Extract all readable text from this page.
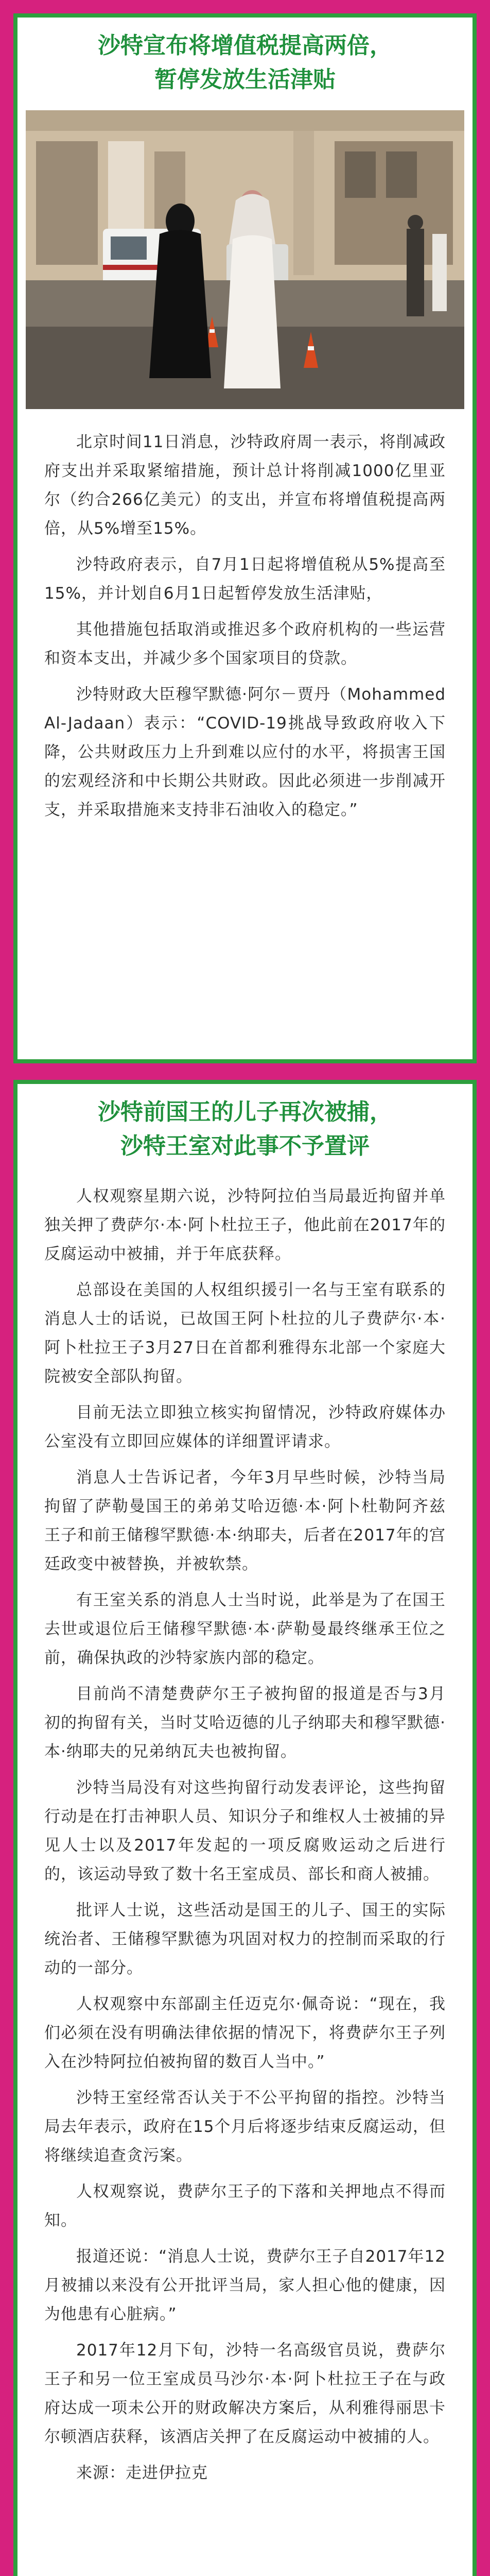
沙特宣布将增值税提高两倍，
暂停发放生活津贴

北京时间11日消息，沙特政府周一表示，将削减政府支出并采取紧缩措施，预计总计将削减1000亿里亚尔（约合266亿美元）的支出，并宣布将增值税提高两倍，从5%增至15%。

沙特政府表示，自7月1日起将增值税从5%提高至15%，并计划自6月1日起暂停发放生活津贴，

其他措施包括取消或推迟多个政府机构的一些运营和资本支出，并减少多个国家项目的贷款。

沙特财政大臣穆罕默德·阿尔－贾丹（Mohammed Al-Jadaan）表示：“COVID-19挑战导致政府收入下降，公共财政压力上升到难以应付的水平，将损害王国的宏观经济和中长期公共财政。因此必须进一步削减开支，并采取措施来支持非石油收入的稳定。”

沙特前国王的儿子再次被捕，
沙特王室对此事不予置评

人权观察星期六说，沙特阿拉伯当局最近拘留并单独关押了费萨尔·本·阿卜杜拉王子，他此前在2017年的反腐运动中被捕，并于年底获释。

总部设在美国的人权组织援引一名与王室有联系的消息人士的话说，已故国王阿卜杜拉的儿子费萨尔·本·阿卜杜拉王子3月27日在首都利雅得东北部一个家庭大院被安全部队拘留。

目前无法立即独立核实拘留情况，沙特政府媒体办公室没有立即回应媒体的详细置评请求。

消息人士告诉记者，今年3月早些时候，沙特当局拘留了萨勒曼国王的弟弟艾哈迈德·本·阿卜杜勒阿齐兹王子和前王储穆罕默德·本·纳耶夫，后者在2017年的宫廷政变中被替换，并被软禁。

有王室关系的消息人士当时说，此举是为了在国王去世或退位后王储穆罕默德·本·萨勒曼最终继承王位之前，确保执政的沙特家族内部的稳定。

目前尚不清楚费萨尔王子被拘留的报道是否与3月初的拘留有关，当时艾哈迈德的儿子纳耶夫和穆罕默德·本·纳耶夫的兄弟纳瓦夫也被拘留。

沙特当局没有对这些拘留行动发表评论，这些拘留行动是在打击神职人员、知识分子和维权人士被捕的异见人士以及2017年发起的一项反腐败运动之后进行的，该运动导致了数十名王室成员、部长和商人被捕。

批评人士说，这些活动是国王的儿子、国王的实际统治者、王储穆罕默德为巩固对权力的控制而采取的行动的一部分。

人权观察中东部副主任迈克尔·佩奇说：“现在，我们必须在没有明确法律依据的情况下，将费萨尔王子列入在沙特阿拉伯被拘留的数百人当中。”

沙特王室经常否认关于不公平拘留的指控。沙特当局去年表示，政府在15个月后将逐步结束反腐运动，但将继续追查贪污案。

人权观察说，费萨尔王子的下落和关押地点不得而知。

报道还说：“消息人士说，费萨尔王子自2017年12月被捕以来没有公开批评当局，家人担心他的健康，因为他患有心脏病。”

2017年12月下旬，沙特一名高级官员说，费萨尔王子和另一位王室成员马沙尔·本·阿卜杜拉王子在与政府达成一项未公开的财政解决方案后，从利雅得丽思卡尔顿酒店获释，该酒店关押了在反腐运动中被捕的人。

来源：走进伊拉克
